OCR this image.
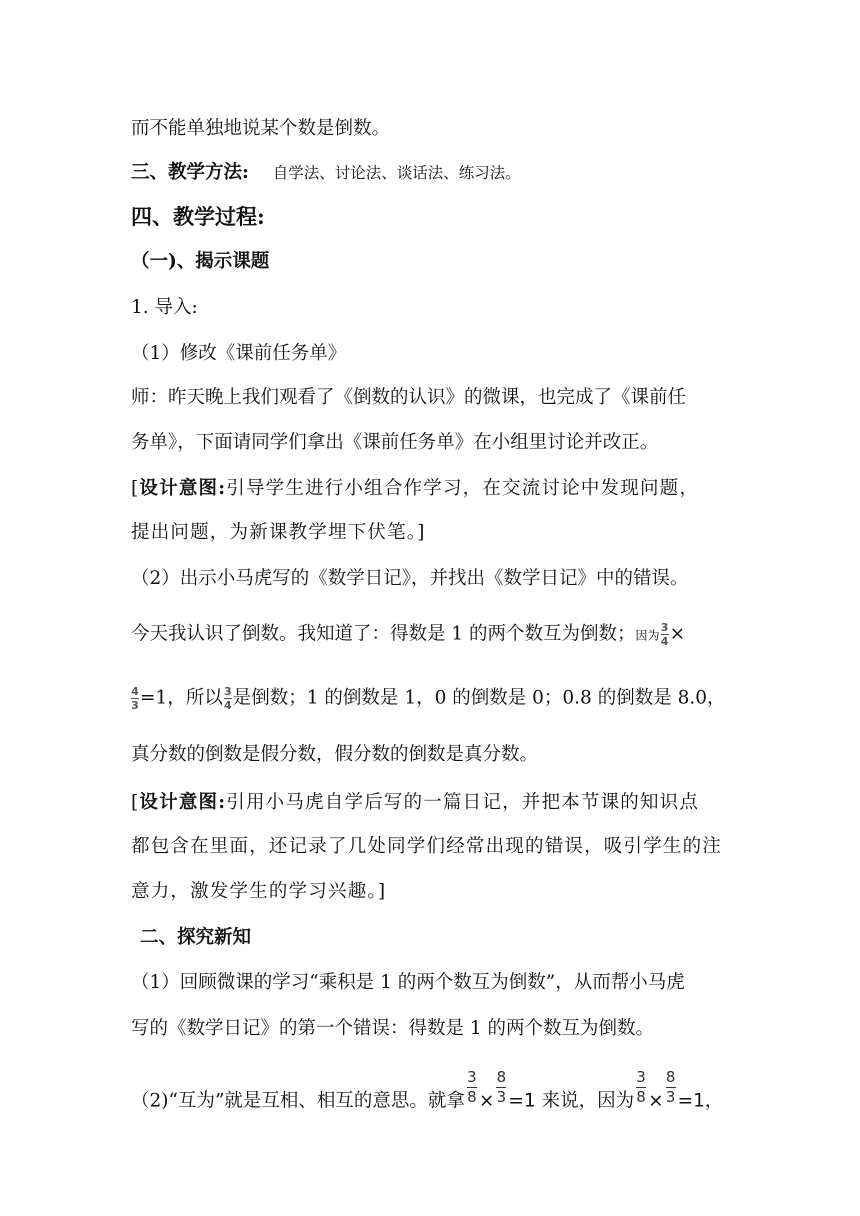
而不能单独地说某个数是倒数。
三、教学方法: 自学法、讨论法、谈话法、练习法。
四、教学过程:
（一)、揭示课题
1. 导入:
（1）修改《课前任务单》
师：昨天晚上我们观看了《倒数的认识》的微课，也完成了《课前任
务单》，下面请同学们拿出《课前任务单》在小组里讨论并改正。
[设计意图:引导学生进行小组合作学习，在交流讨论中发现问题，
提出问题，为新课教学埋下伏笔。]
（2）出示小马虎写的《数学日记》，并找出《数学日记》中的错误。
今天我认识了倒数。我知道了：得数是 1 的两个数互为倒数；因为 $\frac{3}{4}$ ×
$\frac{4}{3} =1$，所以 $\frac{3}{4}$ 是倒数；1 的倒数是 1，0 的倒数是 0；0.8 的倒数是 8.0，
真分数的倒数是假分数，假分数的倒数是真分数。
[设计意图:引用小马虎自学后写的一篇日记，并把本节课的知识点
都包含在里面，还记录了几处同学们经常出现的错误，吸引学生的注
意力，激发学生的学习兴趣。]
二、探究新知
（1）回顾微课的学习“乘积是 1 的两个数互为倒数”，从而帮小马虎
写的《数学日记》的第一个错误：得数是 1 的两个数互为倒数。
（2)“互为”就是互相、相互的意思。就拿 $\frac{3}{8} \times \frac{8}{3} =1$ 来说，因为 $\frac{3}{8} \times \frac{8}{3} =1$，
